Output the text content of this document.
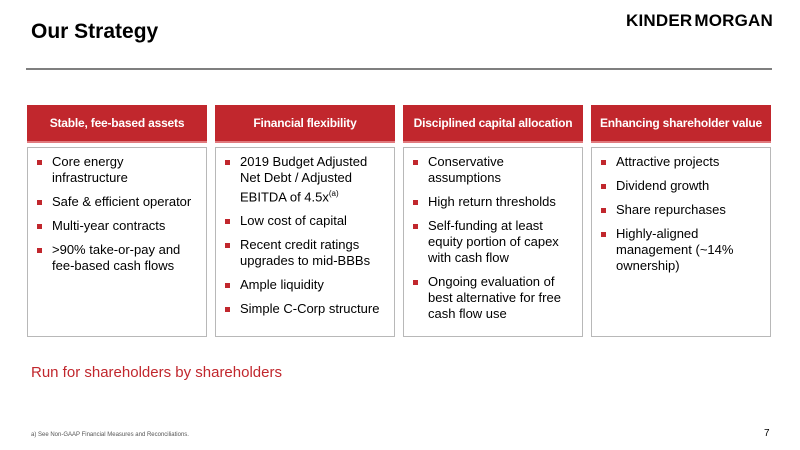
Our Strategy	KINDER MORGAN
Stable, fee-based assets
Core energy infrastructure
Safe & efficient operator
Multi-year contracts
>90% take-or-pay and fee-based cash flows
Financial flexibility
2019 Budget Adjusted Net Debt / Adjusted EBITDA of $4.5x^{(a)}$
Low cost of capital
Recent credit ratings upgrades to mid-BBBs
Ample liquidity
Simple C-Corp structure
Disciplined capital allocation
Conservative assumptions
High return thresholds
Self-funding at least equity portion of capex with cash flow
Ongoing evaluation of best alternative for free cash flow use
Enhancing shareholder value
Attractive projects
Dividend growth
Share repurchases
Highly-aligned management (~14% ownership)
Run for shareholders by shareholders
a) See Non-GAAP Financial Measures and Reconciliations.	7
